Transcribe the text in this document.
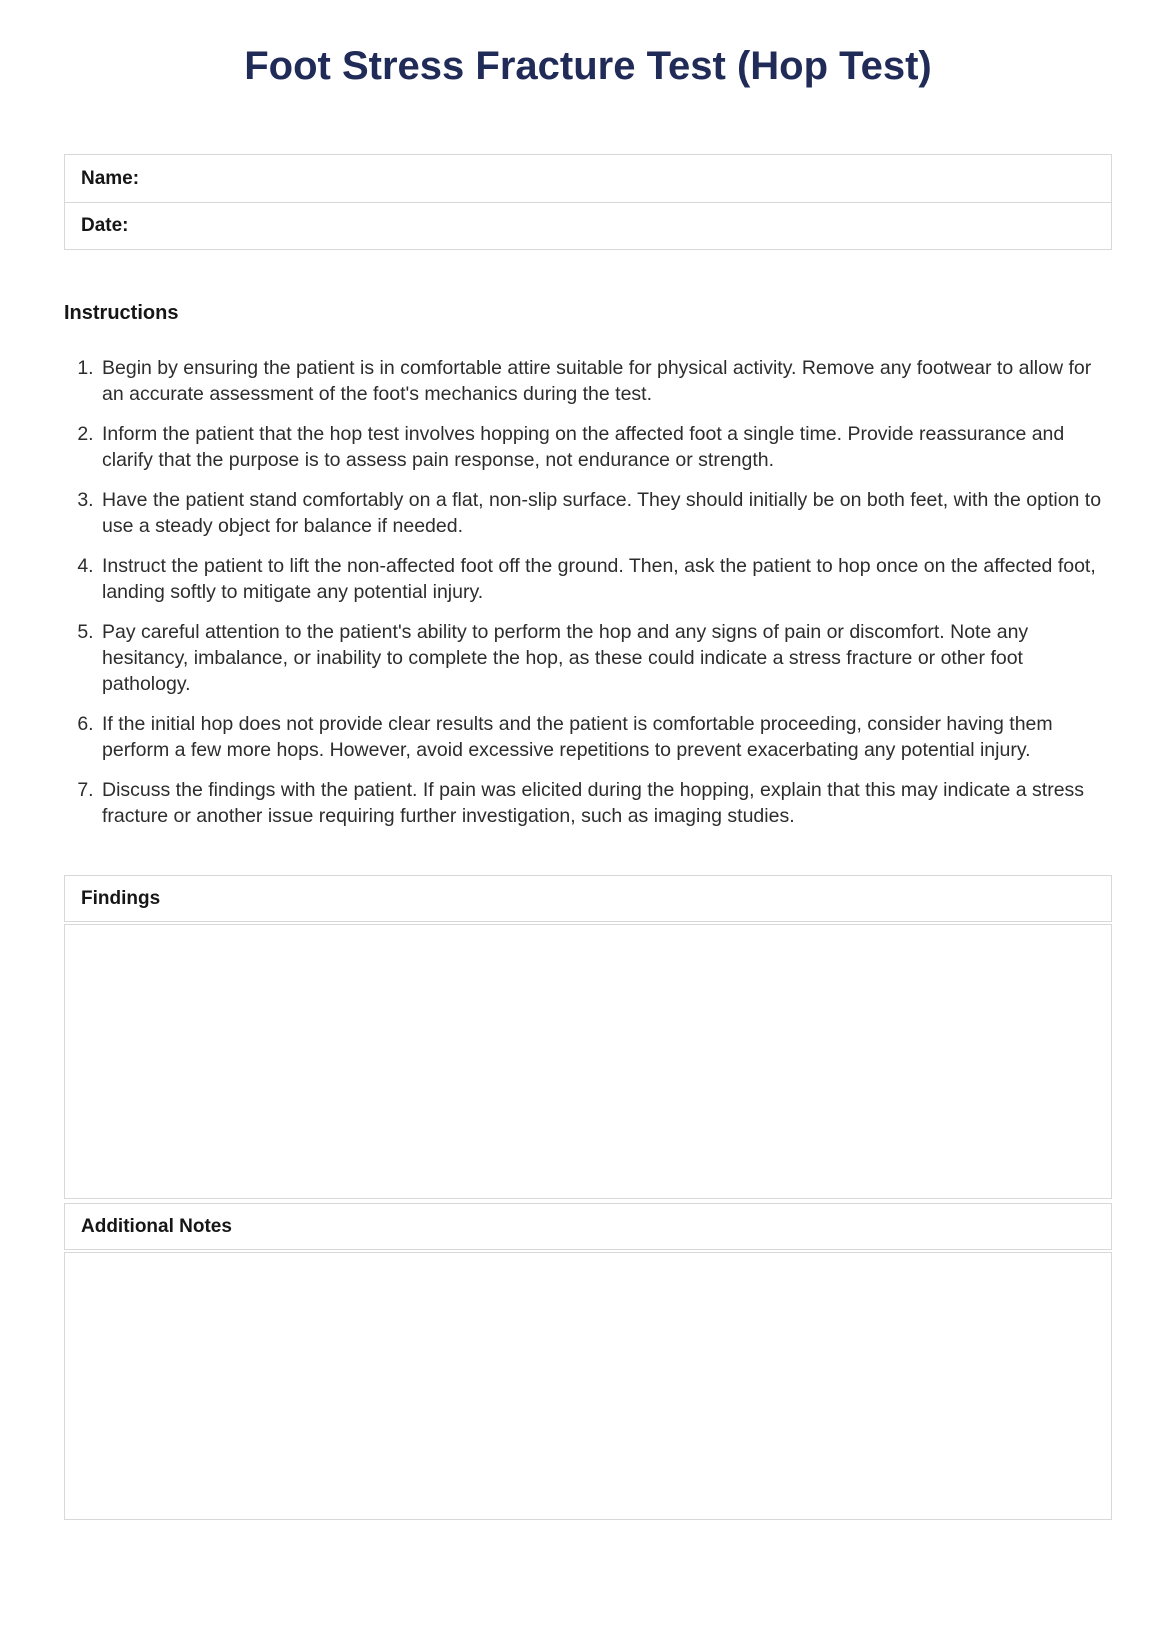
Foot Stress Fracture Test (Hop Test)
Name:
Date:
Instructions
1. Begin by ensuring the patient is in comfortable attire suitable for physical activity. Remove any footwear to allow for an accurate assessment of the foot's mechanics during the test.
2. Inform the patient that the hop test involves hopping on the affected foot a single time. Provide reassurance and clarify that the purpose is to assess pain response, not endurance or strength.
3. Have the patient stand comfortably on a flat, non-slip surface. They should initially be on both feet, with the option to use a steady object for balance if needed.
4. Instruct the patient to lift the non-affected foot off the ground. Then, ask the patient to hop once on the affected foot, landing softly to mitigate any potential injury.
5. Pay careful attention to the patient's ability to perform the hop and any signs of pain or discomfort. Note any hesitancy, imbalance, or inability to complete the hop, as these could indicate a stress fracture or other foot pathology.
6. If the initial hop does not provide clear results and the patient is comfortable proceeding, consider having them perform a few more hops. However, avoid excessive repetitions to prevent exacerbating any potential injury.
7. Discuss the findings with the patient. If pain was elicited during the hopping, explain that this may indicate a stress fracture or another issue requiring further investigation, such as imaging studies.
Findings
Additional Notes
